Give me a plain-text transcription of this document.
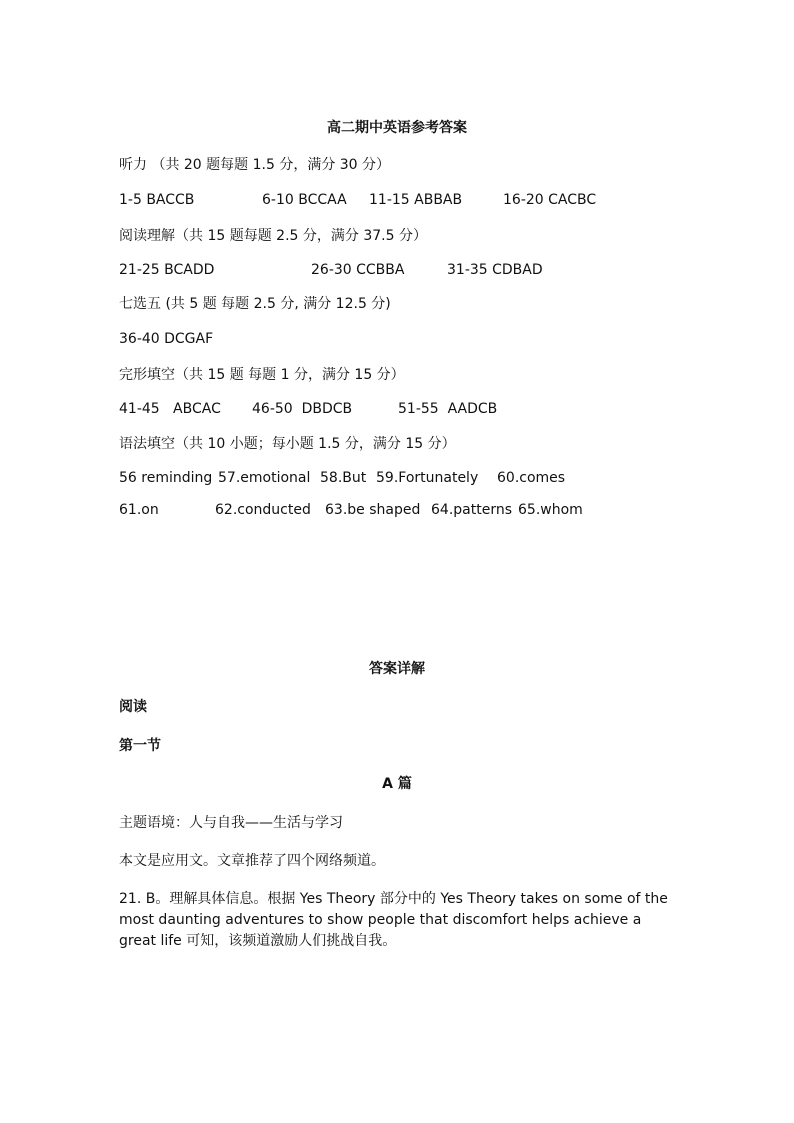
高二期中英语参考答案
听力 （共 20 题每题 1.5 分，满分 30 分）
1-5 BACCB	6-10 BCCAA 11-15 ABBAB	16-20 CACBC
阅读理解（共 15 题每题 2.5 分，满分 37.5 分）
21-25 BCADD	26-30 CCBBA	31-35 CDBAD
七选五 (共 5 题 每题 2.5 分, 满分 12.5 分)
36-40 DCGAF
完形填空（共 15 题 每题 1 分，满分 15 分）
41-45   ABCAC 46-50  DBDCB	51-55  AADCB
语法填空（共 10 小题；每小题 1.5 分，满分 15 分）
56 reminding 57.emotional 58.But 59.Fortunately 60.comes
61.on	62.conducted 63.be shaped 64.patterns 65.whom
答案详解
阅读
第一节
A 篇
主题语境：人与自我——生活与学习
本文是应用文。文章推荐了四个网络频道。
21. B。理解具体信息。根据 Yes Theory 部分中的 Yes Theory takes on some of the most daunting adventures to show people that discomfort helps achieve a great life 可知，该频道激励人们挑战自我。
